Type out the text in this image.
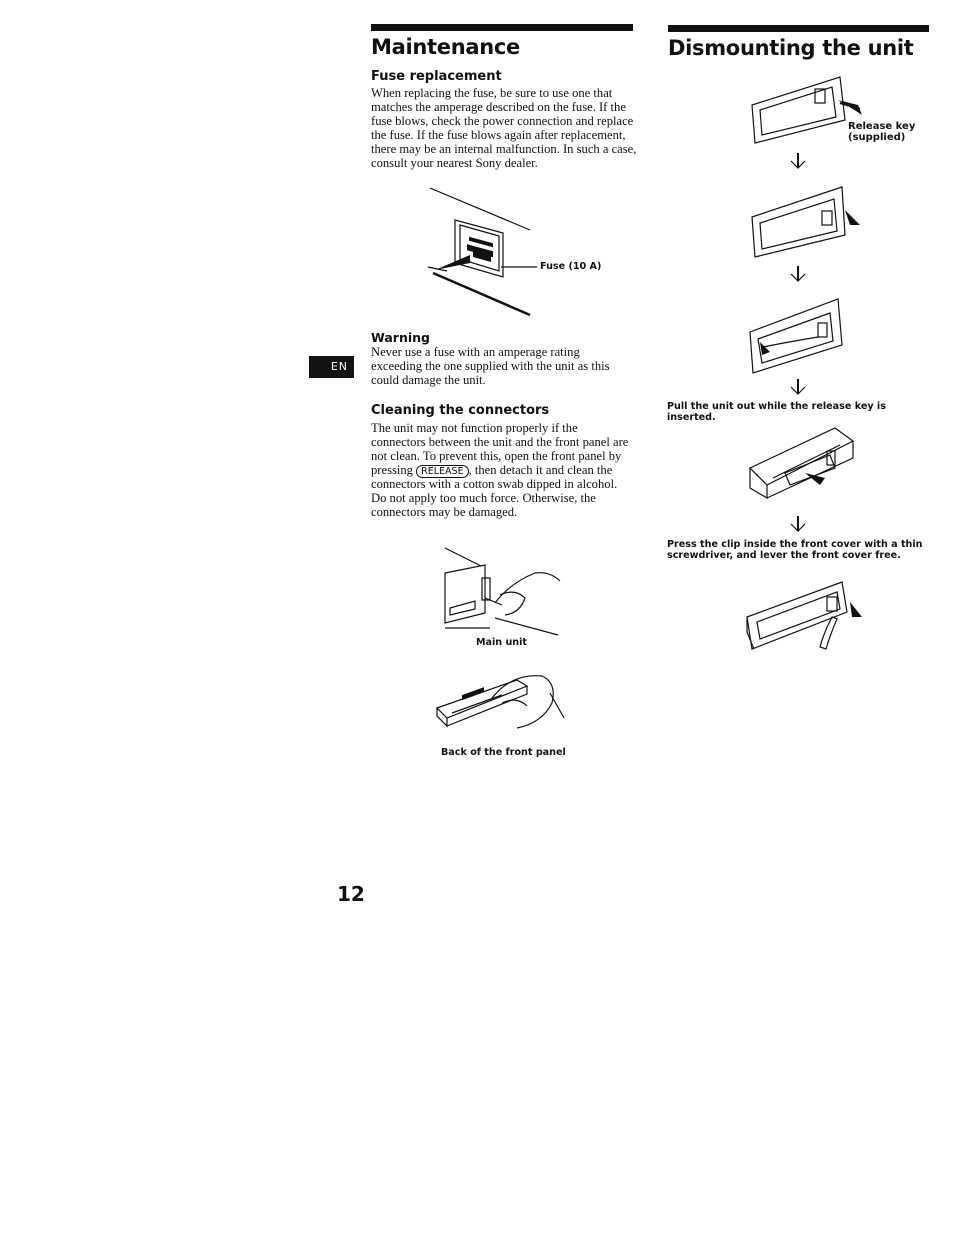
EN
Maintenance
Fuse replacement

When replacing the fuse, be sure to use one that matches the amperage described on the fuse. If the fuse blows, check the power connection and replace the fuse. If the fuse blows again after replacement, there may be an internal malfunction. In such a case, consult your nearest Sony dealer.

Fuse (10 A)
Warning

Never use a fuse with an amperage rating exceeding the one supplied with the unit as this could damage the unit.

Cleaning the connectors

The unit may not function properly if the connectors between the unit and the front panel are not clean. To prevent this, open the front panel by pressing RELEASE , then detach it and clean the connectors with a cotton swab dipped in alcohol. Do not apply too much force. Otherwise, the connectors may be damaged.

Main unit
Back of the front panel
Dismounting the unit
Release key
(supplied)
Pull the unit out while the release key is inserted.
Press the clip inside the front cover with a thin screwdriver, and lever the front cover free.
12
